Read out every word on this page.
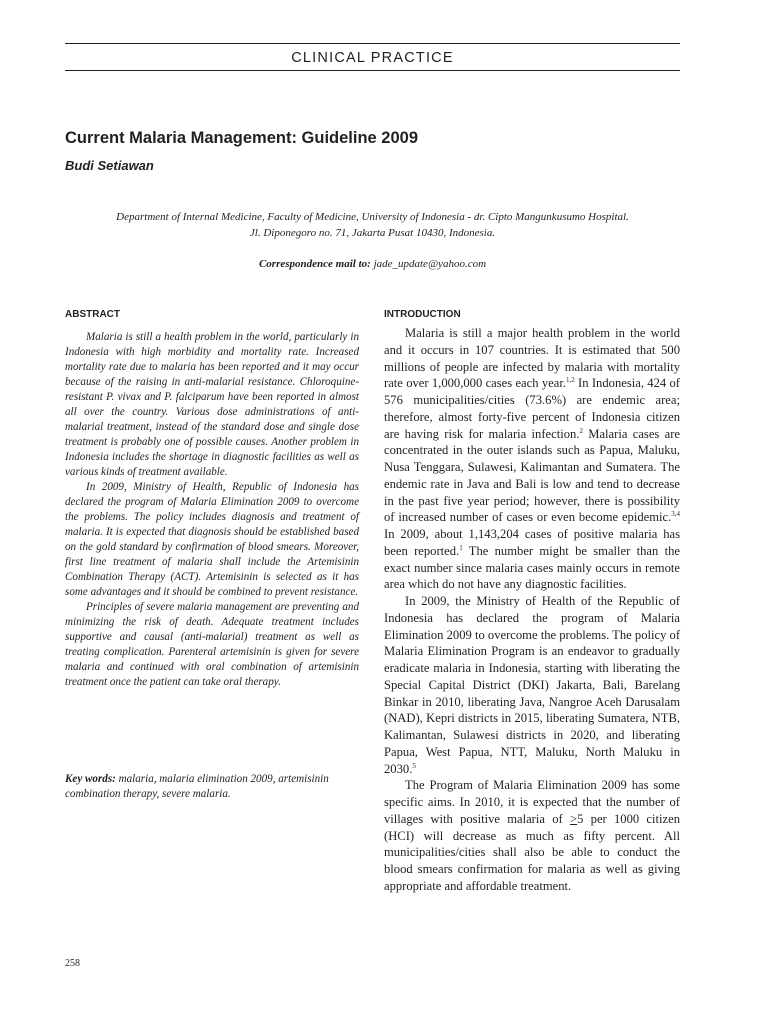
CLINICAL PRACTICE
Current Malaria Management: Guideline 2009
Budi Setiawan
Department of Internal Medicine, Faculty of Medicine, University of Indonesia - dr. Cipto Mangunkusumo Hospital.
Jl. Diponegoro no. 71, Jakarta Pusat 10430, Indonesia.
Correspondence mail to: jade_update@yahoo.com
ABSTRACT

Malaria is still a health problem in the world, particularly in Indonesia with high morbidity and mortality rate. Increased mortality rate due to malaria has been reported and it may occur because of the raising in anti-malarial resistance. Chloroquine-resistant P. vivax and P. falciparum have been reported in almost all over the country. Various dose administrations of anti-malarial treatment, instead of the standard dose and single dose treatment is probably one of possible causes. Another problem in Indonesia includes the shortage in diagnostic facilities as well as various kinds of treatment available.

In 2009, Ministry of Health, Republic of Indonesia has declared the program of Malaria Elimination 2009 to overcome the problems. The policy includes diagnosis and treatment of malaria. It is expected that diagnosis should be established based on the gold standard by confirmation of blood smears. Moreover, first line treatment of malaria shall include the Artemisinin Combination Therapy (ACT). Artemisinin is selected as it has some advantages and it should be combined to prevent resistance.

Principles of severe malaria management are preventing and minimizing the risk of death. Adequate treatment includes supportive and causal (anti-malarial) treatment as well as treating complication. Parenteral artemisinin is given for severe malaria and continued with oral combination of artemisinin treatment once the patient can take oral therapy.

Key words: malaria, malaria elimination 2009, artemisinin combination therapy, severe malaria.
INTRODUCTION

Malaria is still a major health problem in the world and it occurs in 107 countries. It is estimated that 500 millions of people are infected by malaria with mortality rate over 1,000,000 cases each year.$^{1,2}$ In Indonesia, 424 of 576 municipalities/cities (73.6%) are endemic area; therefore, almost forty-five percent of Indonesia citizen are having risk for malaria infection.$^2$ Malaria cases are concentrated in the outer islands such as Papua, Maluku, Nusa Tenggara, Sulawesi, Kalimantan and Sumatera. The endemic rate in Java and Bali is low and tend to decrease in the past five year period; however, there is possibility of increased number of cases or even become epidemic.$^{3,4}$ In 2009, about 1,143,204 cases of positive malaria has been reported.$^1$ The number might be smaller than the exact number since malaria cases mainly occurs in remote area which do not have any diagnostic facilities.

In 2009, the Ministry of Health of the Republic of Indonesia has declared the program of Malaria Elimination 2009 to overcome the problems. The policy of Malaria Elimination Program is an endeavor to gradually eradicate malaria in Indonesia, starting with liberating the Special Capital District (DKI) Jakarta, Bali, Barelang Binkar in 2010, liberating Java, Nangroe Aceh Darusalam (NAD), Kepri districts in 2015, liberating Sumatera, NTB, Kalimantan, Sulawesi districts in 2020, and liberating Papua, West Papua, NTT, Maluku, North Maluku in 2030.$^5$

The Program of Malaria Elimination 2009 has some specific aims. In 2010, it is expected that the number of villages with positive malaria of ≥5 per 1000 citizen (HCI) will decrease as much as fifty percent. All municipalities/cities shall also be able to conduct the blood smears confirmation for malaria as well as giving appropriate and affordable treatment.

258
